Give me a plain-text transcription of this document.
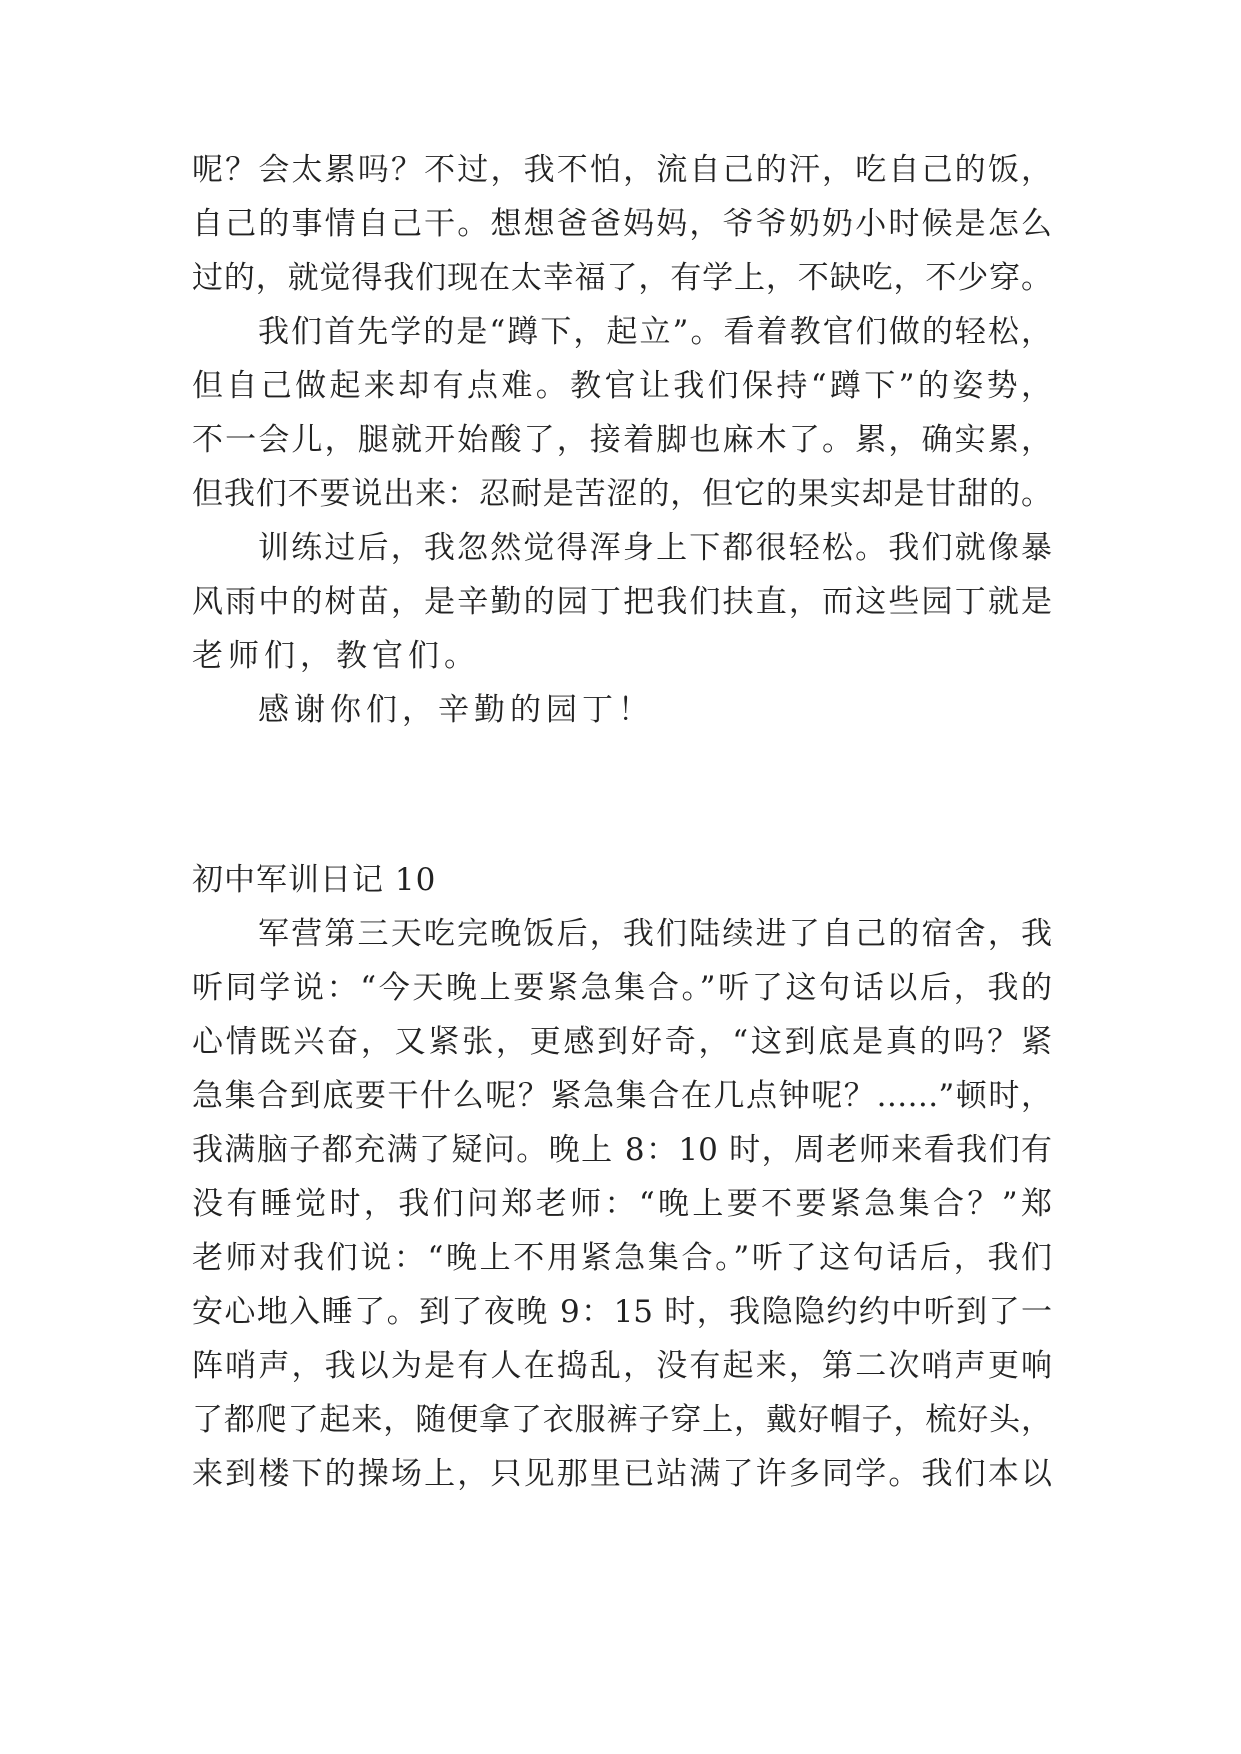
呢？会太累吗？不过，我不怕，流自己的汗，吃自己的饭，
自己的事情自己干。想想爸爸妈妈，爷爷奶奶小时候是怎么
过的，就觉得我们现在太幸福了，有学上，不缺吃，不少穿。
我们首先学的是“蹲下，起立”。看着教官们做的轻松，
但自己做起来却有点难。教官让我们保持“蹲下”的姿势，
不一会儿，腿就开始酸了，接着脚也麻木了。累，确实累，
但我们不要说出来：忍耐是苦涩的，但它的果实却是甘甜的。
训练过后，我忽然觉得浑身上下都很轻松。我们就像暴
风雨中的树苗，是辛勤的园丁把我们扶直，而这些园丁就是
老师们，教官们。
感谢你们，辛勤的园丁！
初中军训日记 10
军营第三天吃完晚饭后，我们陆续进了自己的宿舍，我
听同学说：“今天晚上要紧急集合。”听了这句话以后，我的
心情既兴奋，又紧张，更感到好奇，“这到底是真的吗？紧
急集合到底要干什么呢？紧急集合在几点钟呢？……”顿时，
我满脑子都充满了疑问。晚上 8：10 时，周老师来看我们有
没有睡觉时，我们问郑老师：“晚上要不要紧急集合？”郑
老师对我们说：“晚上不用紧急集合。”听了这句话后，我们
安心地入睡了。到了夜晚 9：15 时，我隐隐约约中听到了一
阵哨声，我以为是有人在捣乱，没有起来，第二次哨声更响
了都爬了起来，随便拿了衣服裤子穿上，戴好帽子，梳好头，
来到楼下的操场上，只见那里已站满了许多同学。我们本以
